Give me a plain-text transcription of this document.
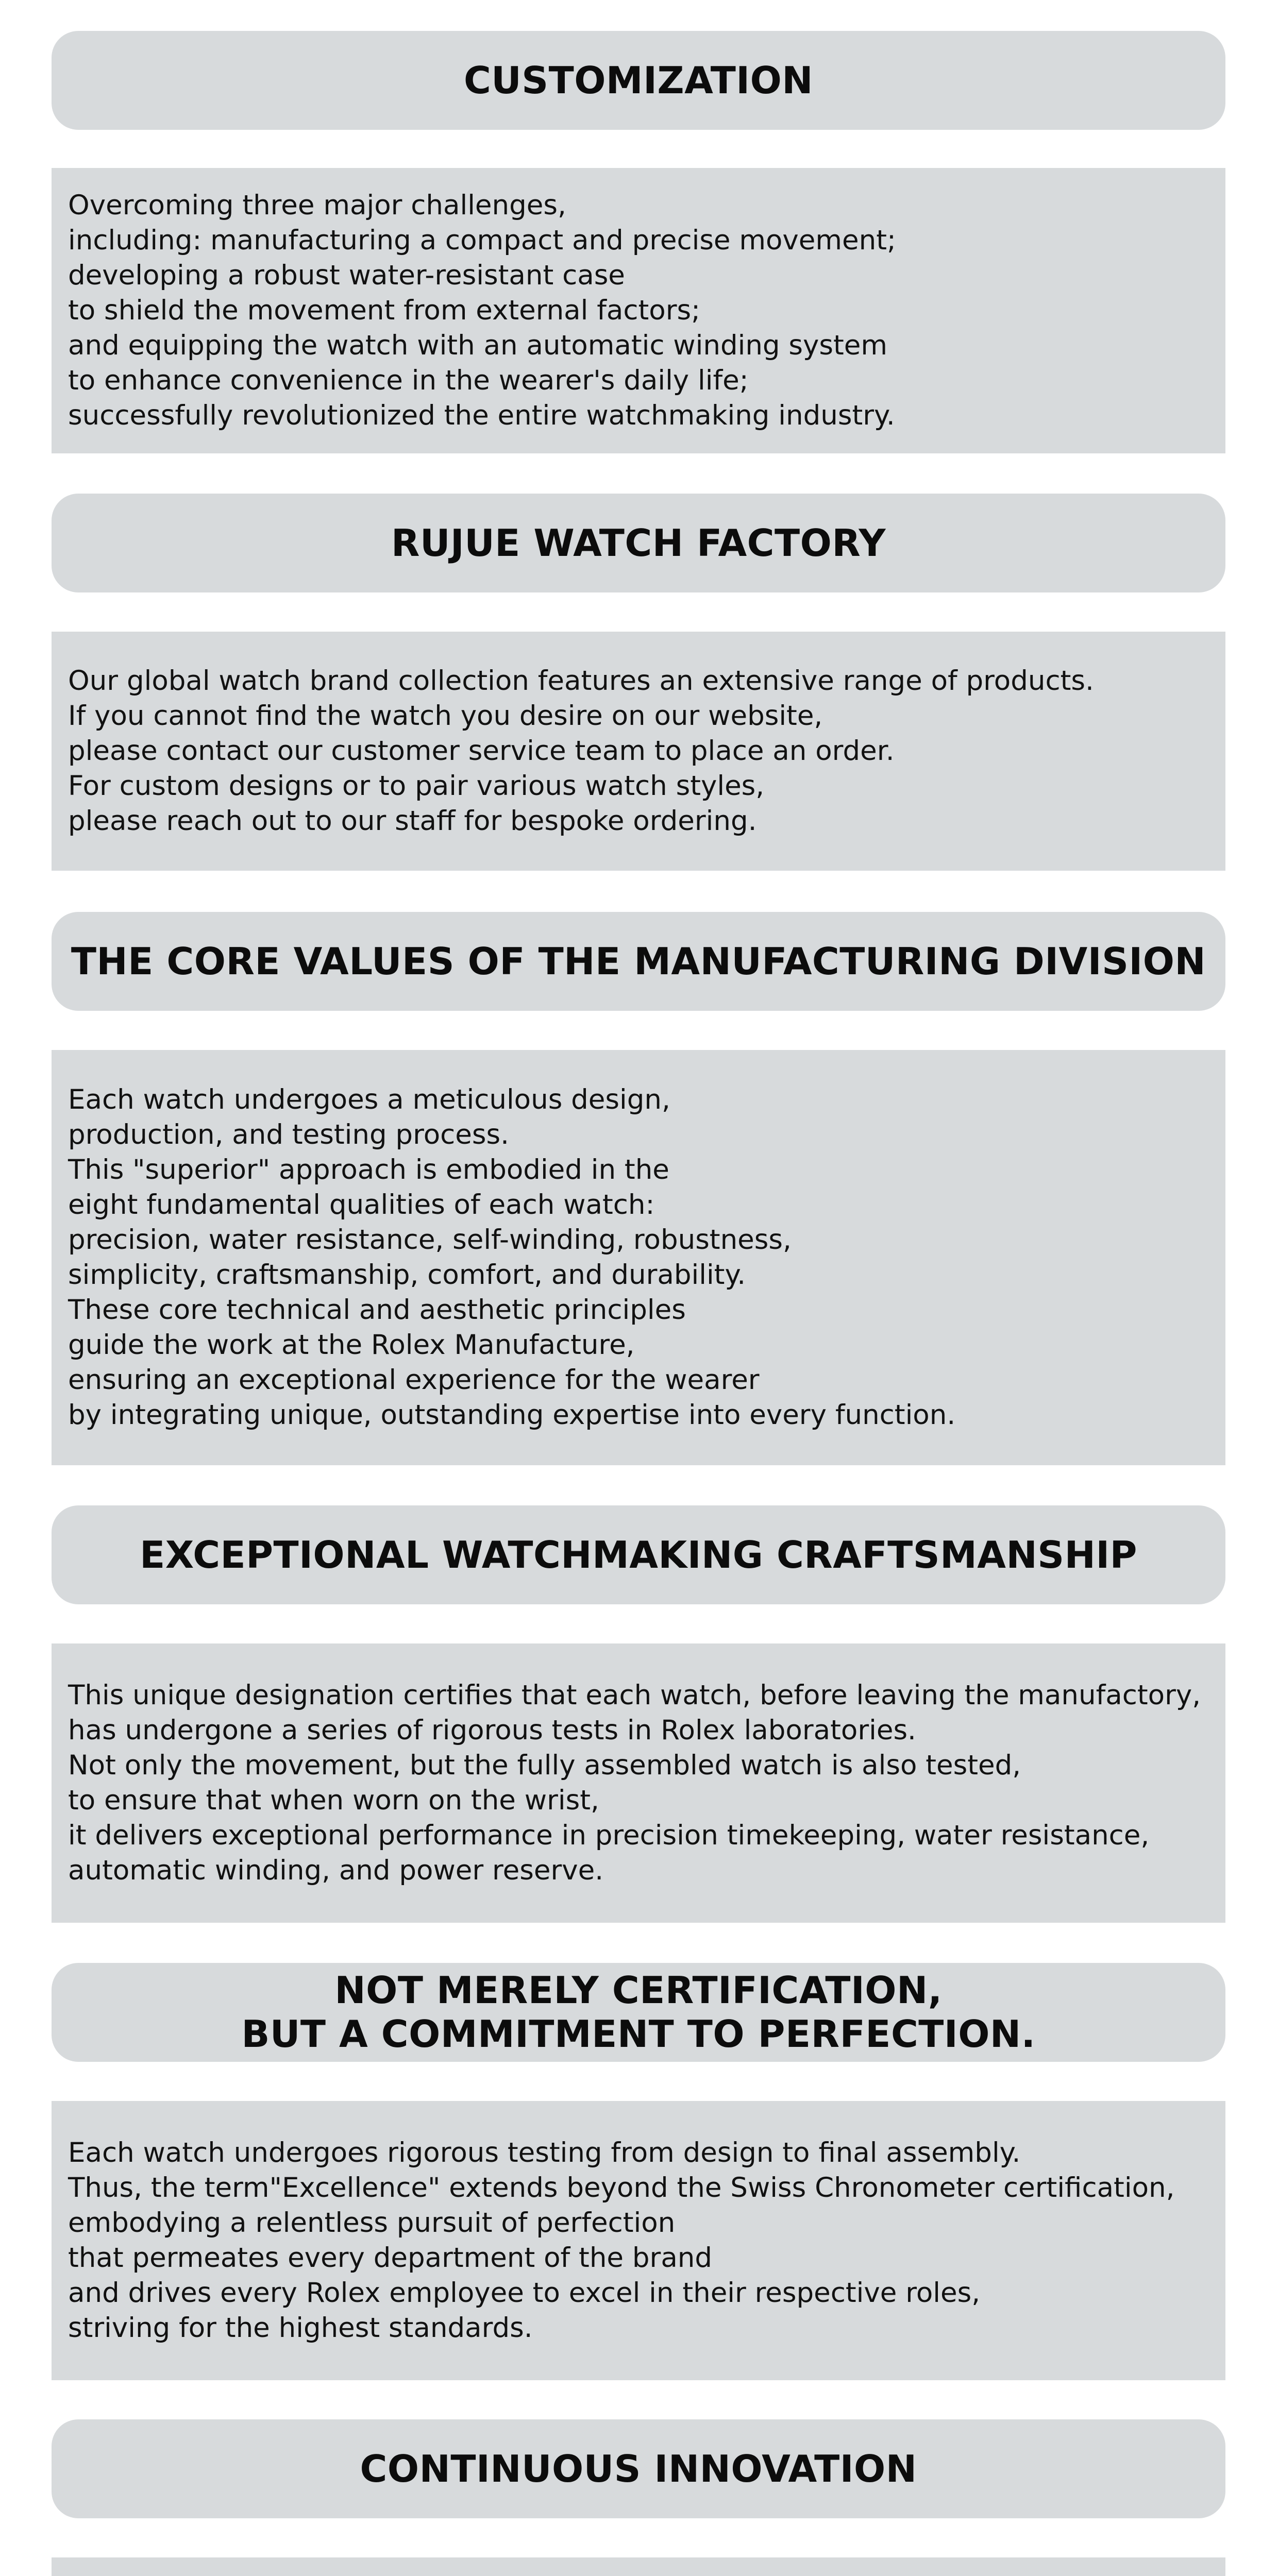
CUSTOMIZATION
Overcoming three major challenges,
including: manufacturing a compact and precise movement;
developing a robust water-resistant case
to shield the movement from external factors;
and equipping the watch with an automatic winding system
to enhance convenience in the wearer's daily life;
successfully revolutionized the entire watchmaking industry.
RUJUE WATCH FACTORY
Our global watch brand collection features an extensive range of products.
If you cannot find the watch you desire on our website,
please contact our customer service team to place an order.
For custom designs or to pair various watch styles,
please reach out to our staff for bespoke ordering.
THE CORE VALUES OF THE MANUFACTURING DIVISION
Each watch undergoes a meticulous design,
production, and testing process.
This "superior" approach is embodied in the
eight fundamental qualities of each watch:
precision, water resistance, self-winding, robustness,
simplicity, craftsmanship, comfort, and durability.
These core technical and aesthetic principles
guide the work at the Rolex Manufacture,
ensuring an exceptional experience for the wearer
by integrating unique, outstanding expertise into every function.
EXCEPTIONAL WATCHMAKING CRAFTSMANSHIP
This unique designation certifies that each watch, before leaving the manufactory,
has undergone a series of rigorous tests in Rolex laboratories.
Not only the movement, but the fully assembled watch is also tested,
to ensure that when worn on the wrist,
it delivers exceptional performance in precision timekeeping, water resistance,
automatic winding, and power reserve.
NOT MERELY CERTIFICATION,
BUT A COMMITMENT TO PERFECTION.
Each watch undergoes rigorous testing from design to final assembly.
Thus, the term"Excellence" extends beyond the Swiss Chronometer certification,
embodying a relentless pursuit of perfection
that permeates every department of the brand
and drives every Rolex employee to excel in their respective roles,
striving for the highest standards.
CONTINUOUS INNOVATION
